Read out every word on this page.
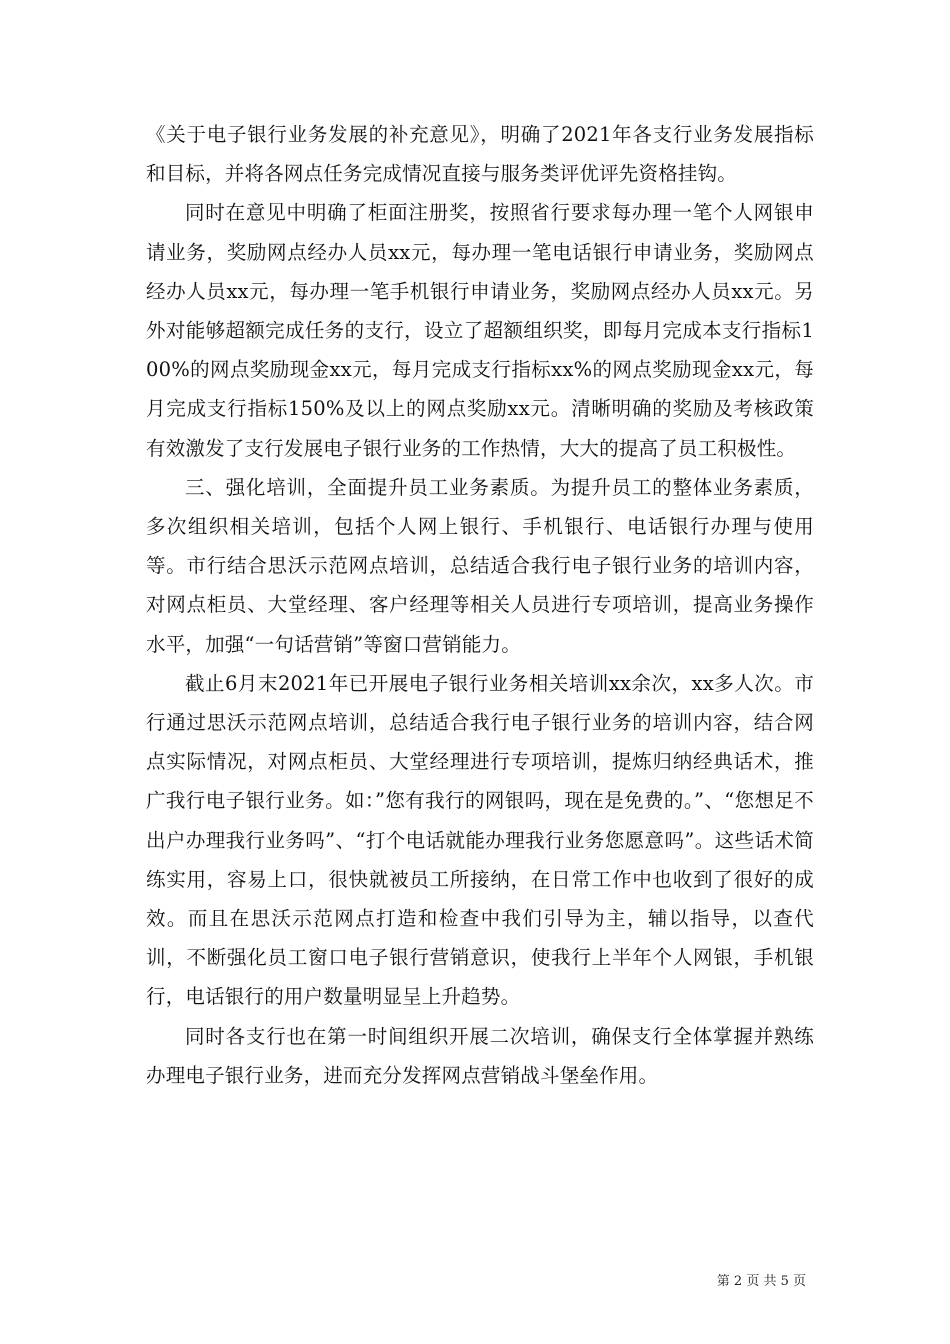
《关于电子银行业务发展的补充意见》，明确了2021年各支行业务发展指标和目标，并将各网点任务完成情况直接与服务类评优评先资格挂钩。

同时在意见中明确了柜面注册奖，按照省行要求每办理一笔个人网银申请业务，奖励网点经办人员xx元，每办理一笔电话银行申请业务，奖励网点经办人员xx元，每办理一笔手机银行申请业务，奖励网点经办人员xx元。另外对能够超额完成任务的支行，设立了超额组织奖，即每月完成本支行指标100%的网点奖励现金xx元，每月完成支行指标xx%的网点奖励现金xx元，每月完成支行指标150%及以上的网点奖励xx元。清晰明确的奖励及考核政策有效激发了支行发展电子银行业务的工作热情，大大的提高了员工积极性。

三、强化培训，全面提升员工业务素质。为提升员工的整体业务素质，多次组织相关培训，包括个人网上银行、手机银行、电话银行办理与使用等。市行结合思沃示范网点培训，总结适合我行电子银行业务的培训内容，对网点柜员、大堂经理、客户经理等相关人员进行专项培训，提高业务操作水平，加强“一句话营销”等窗口营销能力。

截止6月末2021年已开展电子银行业务相关培训xx余次，xx多人次。市行通过思沃示范网点培训，总结适合我行电子银行业务的培训内容，结合网点实际情况，对网点柜员、大堂经理进行专项培训，提炼归纳经典话术，推广我行电子银行业务。如：”您有我行的网银吗，现在是免费的。”、“您想足不出户办理我行业务吗”、“打个电话就能办理我行业务您愿意吗”。这些话术简练实用，容易上口，很快就被员工所接纳，在日常工作中也收到了很好的成效。而且在思沃示范网点打造和检查中我们引导为主，辅以指导，以查代训，不断强化员工窗口电子银行营销意识，使我行上半年个人网银，手机银行，电话银行的用户数量明显呈上升趋势。

同时各支行也在第一时间组织开展二次培训，确保支行全体掌握并熟练办理电子银行业务，进而充分发挥网点营销战斗堡垒作用。

第 2 页 共 5 页
